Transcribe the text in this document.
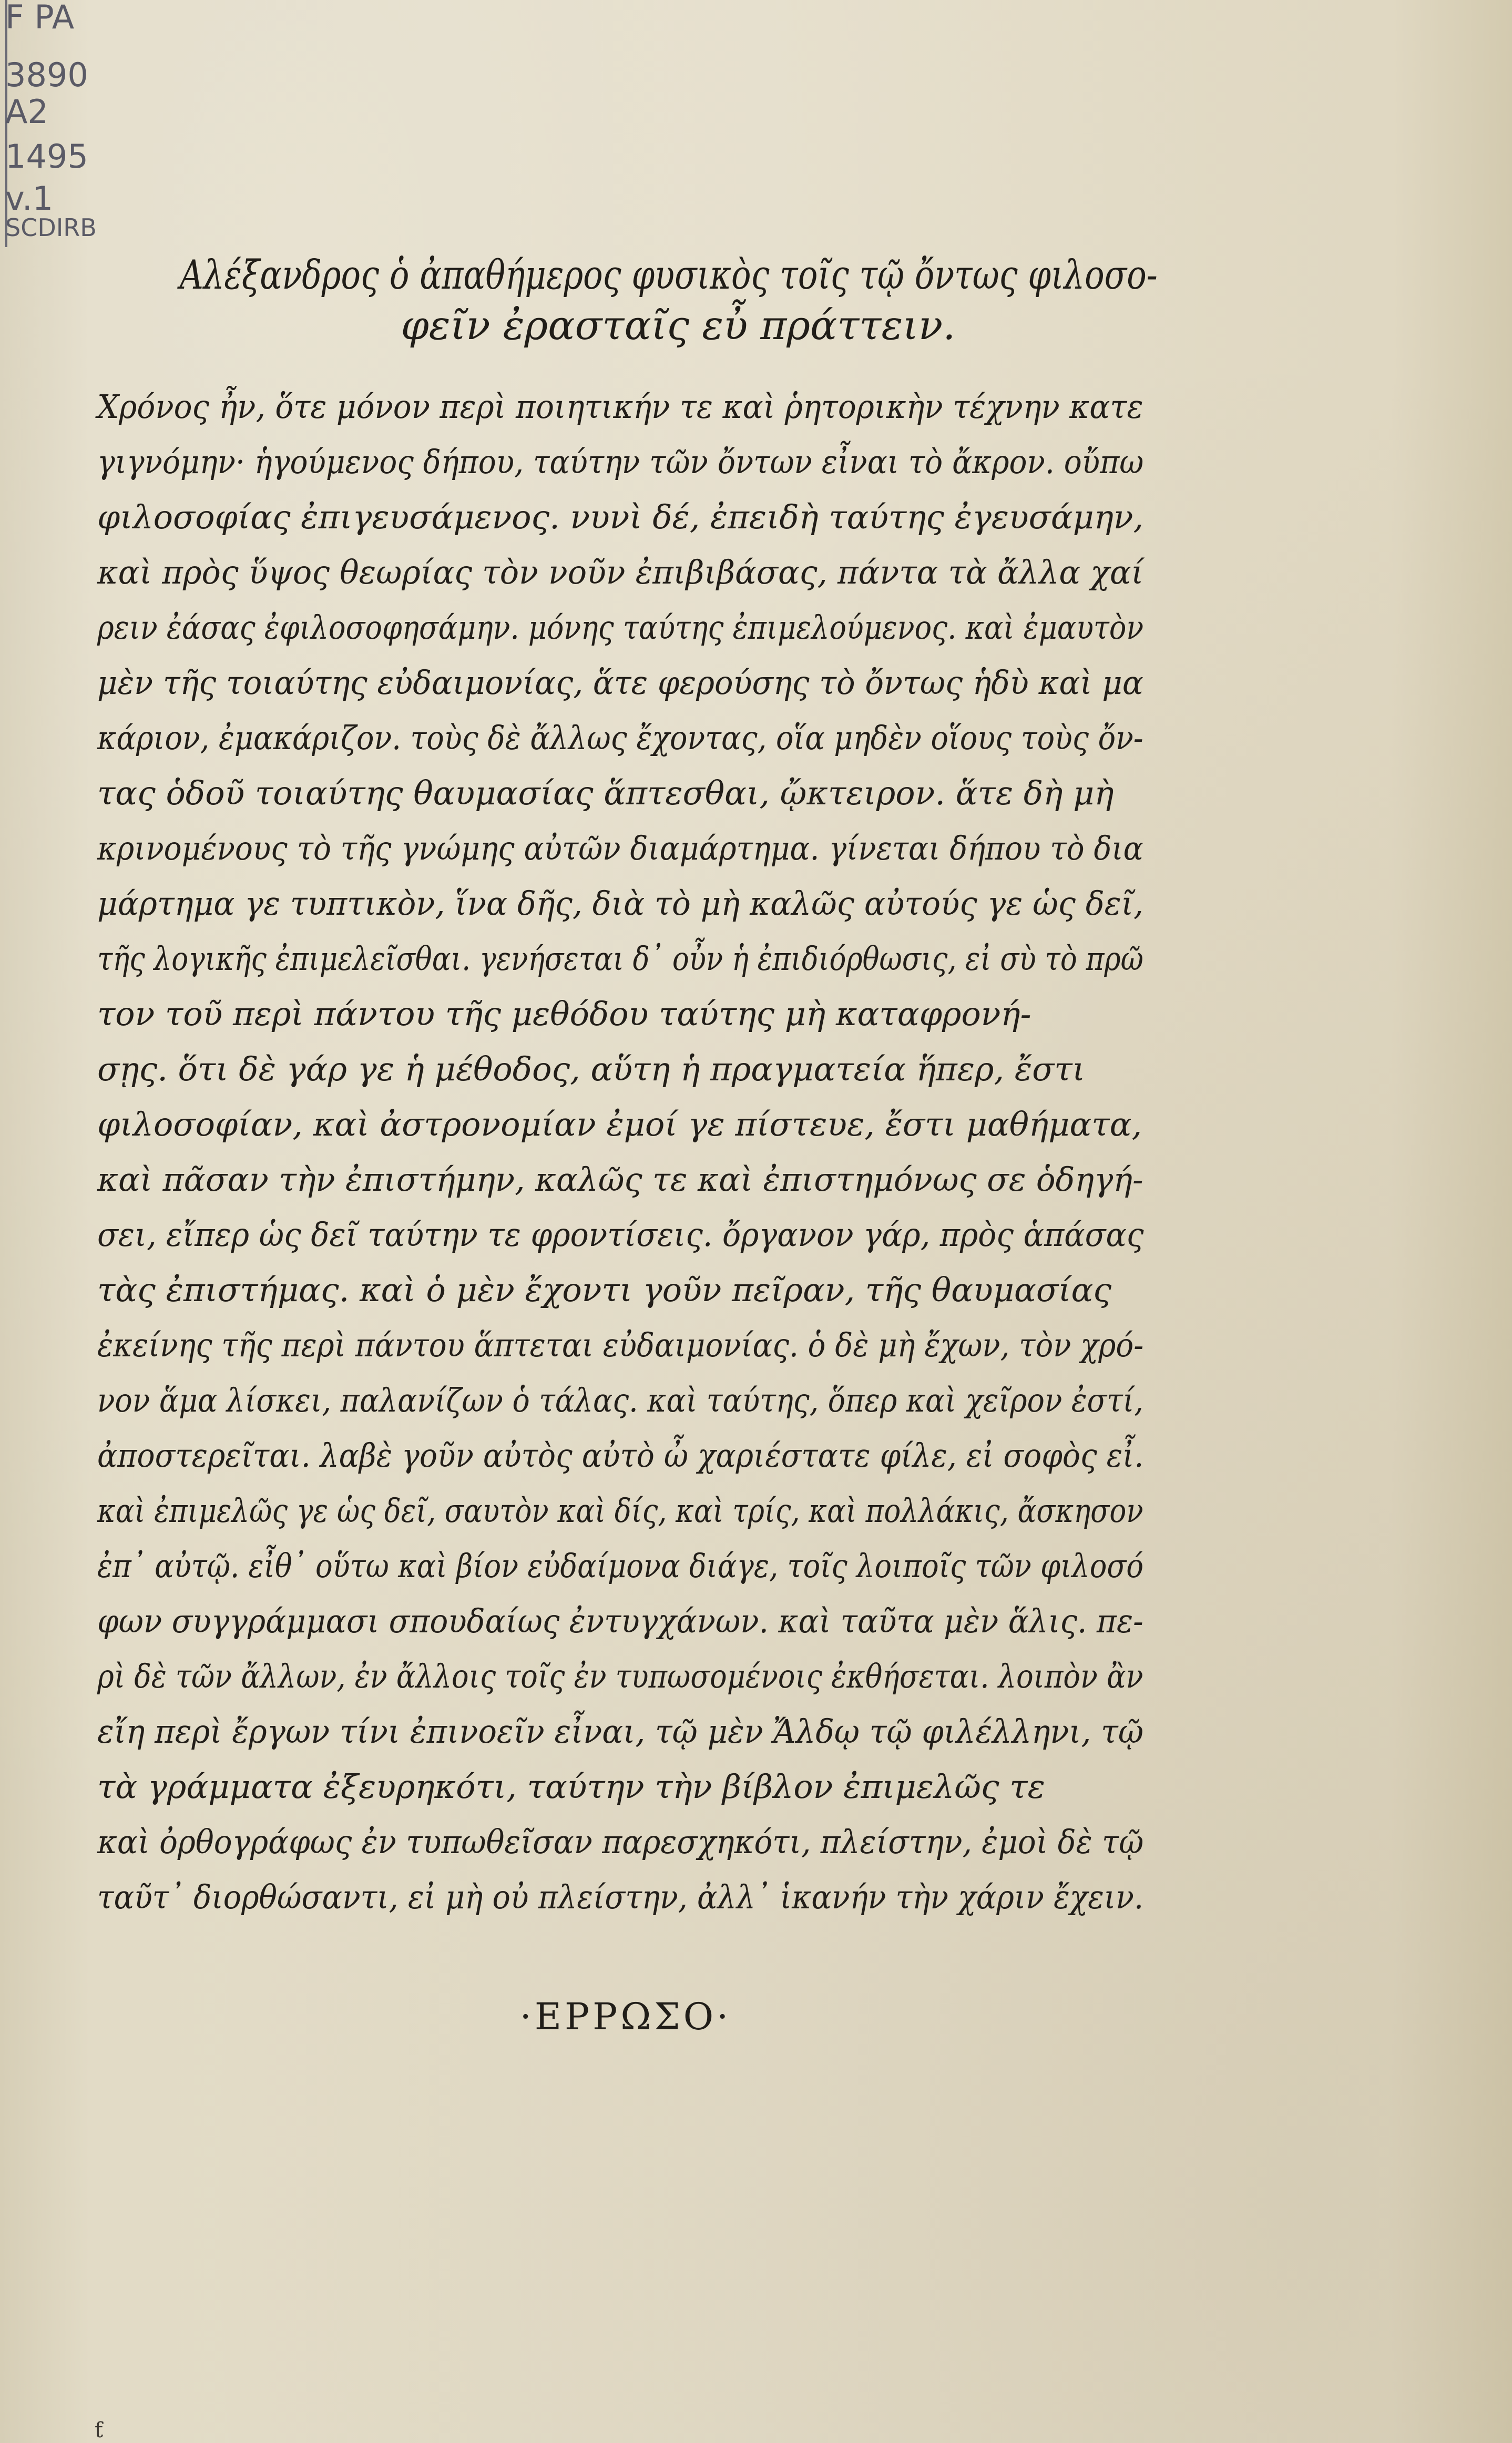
F PA
3890
A2
1495
v.1
SCDIRB
Αλέξανδρος ὁ ἀπαθήμερος φυσικὸς τοῖς τῷ ὄντως φιλοσο-
φεῖν ἐρασταῖς εὖ πράττειν.
Χρόνος ἦν, ὅτε μόνον περὶ ποιητικήν τε καὶ ῥητορικὴν τέχνην κατε
γιγνόμην· ἡγούμενος δήπου, ταύτην τῶν ὄντων εἶναι τὸ ἄκρον. οὔπω
φιλοσοφίας ἐπιγευσάμενος. νυνὶ δέ, ἐπειδὴ ταύτης ἐγευσάμην,
καὶ πρὸς ὕψος θεωρίας τὸν νοῦν ἐπιβιβάσας, πάντα τὰ ἄλλα χαί
ρειν ἐάσας ἐφιλοσοφησάμην. μόνης ταύτης ἐπιμελούμενος. καὶ ἐμαυτὸν
μὲν τῆς τοιαύτης εὐδαιμονίας, ἅτε φερούσης τὸ ὄντως ἡδὺ καὶ μα
κάριον, ἐμακάριζον. τοὺς δὲ ἄλλως ἔχοντας, οἵα μηδὲν οἵους τοὺς ὄν-
τας ὁδοῦ τοιαύτης θαυμασίας ἅπτεσθαι, ᾤκτειρον. ἅτε δὴ μὴ
κρινομένους τὸ τῆς γνώμης αὐτῶν διαμάρτημα. γίνεται δήπου τὸ δια
μάρτημα γε τυπτικὸν, ἵνα δῆς, διὰ τὸ μὴ καλῶς αὐτούς γε ὡς δεῖ,
τῆς λογικῆς ἐπιμελεῖσθαι. γενήσεται δ᾽ οὖν ἡ ἐπιδιόρθωσις, εἰ σὺ τὸ πρῶ
τον τοῦ περὶ πάντου τῆς μεθόδου ταύτης μὴ καταφρονή-
σῃς. ὅτι δὲ γάρ γε ἡ μέθοδος, αὕτη ἡ πραγματεία ἥπερ, ἔστι
φιλοσοφίαν, καὶ ἀστρονομίαν ἐμοί γε πίστευε, ἔστι μαθήματα,
καὶ πᾶσαν τὴν ἐπιστήμην, καλῶς τε καὶ ἐπιστημόνως σε ὁδηγή-
σει, εἴπερ ὡς δεῖ ταύτην τε φροντίσεις. ὄργανον γάρ, πρὸς ἁπάσας
τὰς ἐπιστήμας. καὶ ὁ μὲν ἔχοντι γοῦν πεῖραν, τῆς θαυμασίας
ἐκείνης τῆς περὶ πάντου ἅπτεται εὐδαιμονίας. ὁ δὲ μὴ ἔχων, τὸν χρό-
νον ἅμα λίσκει, παλανίζων ὁ τάλας. καὶ ταύτης, ὅπερ καὶ χεῖρον ἐστί,
ἀποστερεῖται. λαβὲ γοῦν αὐτὸς αὐτὸ ὦ χαριέστατε φίλε, εἰ σοφὸς εἶ.
καὶ ἐπιμελῶς γε ὡς δεῖ, σαυτὸν καὶ δίς, καὶ τρίς, καὶ πολλάκις, ἄσκησον
ἐπ᾽ αὐτῷ. εἶθ᾽ οὕτω καὶ βίον εὐδαίμονα διάγε, τοῖς λοιποῖς τῶν φιλοσό
φων συγγράμμασι σπουδαίως ἐντυγχάνων. καὶ ταῦτα μὲν ἅλις. πε-
ρὶ δὲ τῶν ἄλλων, ἐν ἄλλοις τοῖς ἐν τυπωσομένοις ἐκθήσεται. λοιπὸν ἂν
εἴη περὶ ἔργων τίνι ἐπινοεῖν εἶναι, τῷ μὲν Ἄλδῳ τῷ φιλέλληνι, τῷ
τὰ γράμματα ἐξευρηκότι, ταύτην τὴν βίβλον ἐπιμελῶς τε
καὶ ὀρθογράφως ἐν τυπωθεῖσαν παρεσχηκότι, πλείστην, ἐμοὶ δὲ τῷ
ταῦτ᾽ διορθώσαντι, εἰ μὴ οὐ πλείστην, ἀλλ᾽ ἱκανήν τὴν χάριν ἔχειν.
·ΕΡΡΩΣΟ·
ƭ
